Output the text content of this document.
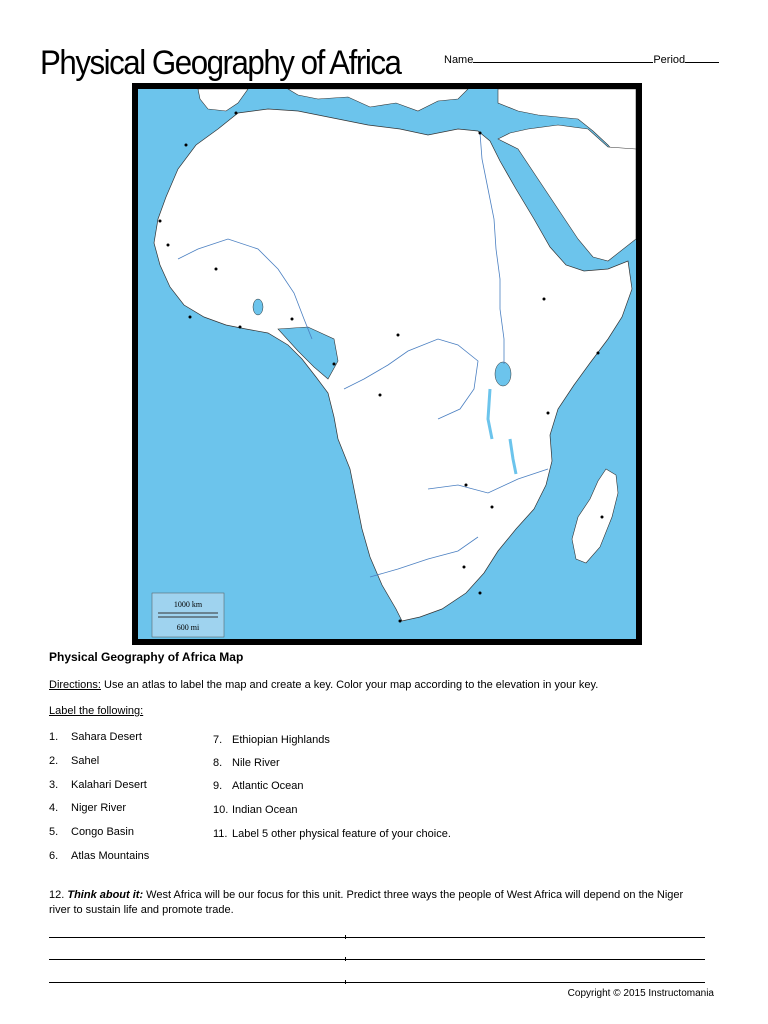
Physical Geography of Africa	Name	Period
1000 km
600 mi
Physical Geography of Africa Map
Directions: Use an atlas to label the map and create a key. Color your map according to the elevation in your key.
Label the following:
1. Sahara Desert
2. Sahel
3. Kalahari Desert
4. Niger River
5. Congo Basin
6. Atlas Mountains
7. Ethiopian Highlands
8. Nile River
9. Atlantic Ocean
10. Indian Ocean
11. Label 5 other physical feature of your choice.
12. Think about it: West Africa will be our focus for this unit. Predict three ways the people of West Africa will depend on the Niger river to sustain life and promote trade.
Copyright © 2015 Instructomania
